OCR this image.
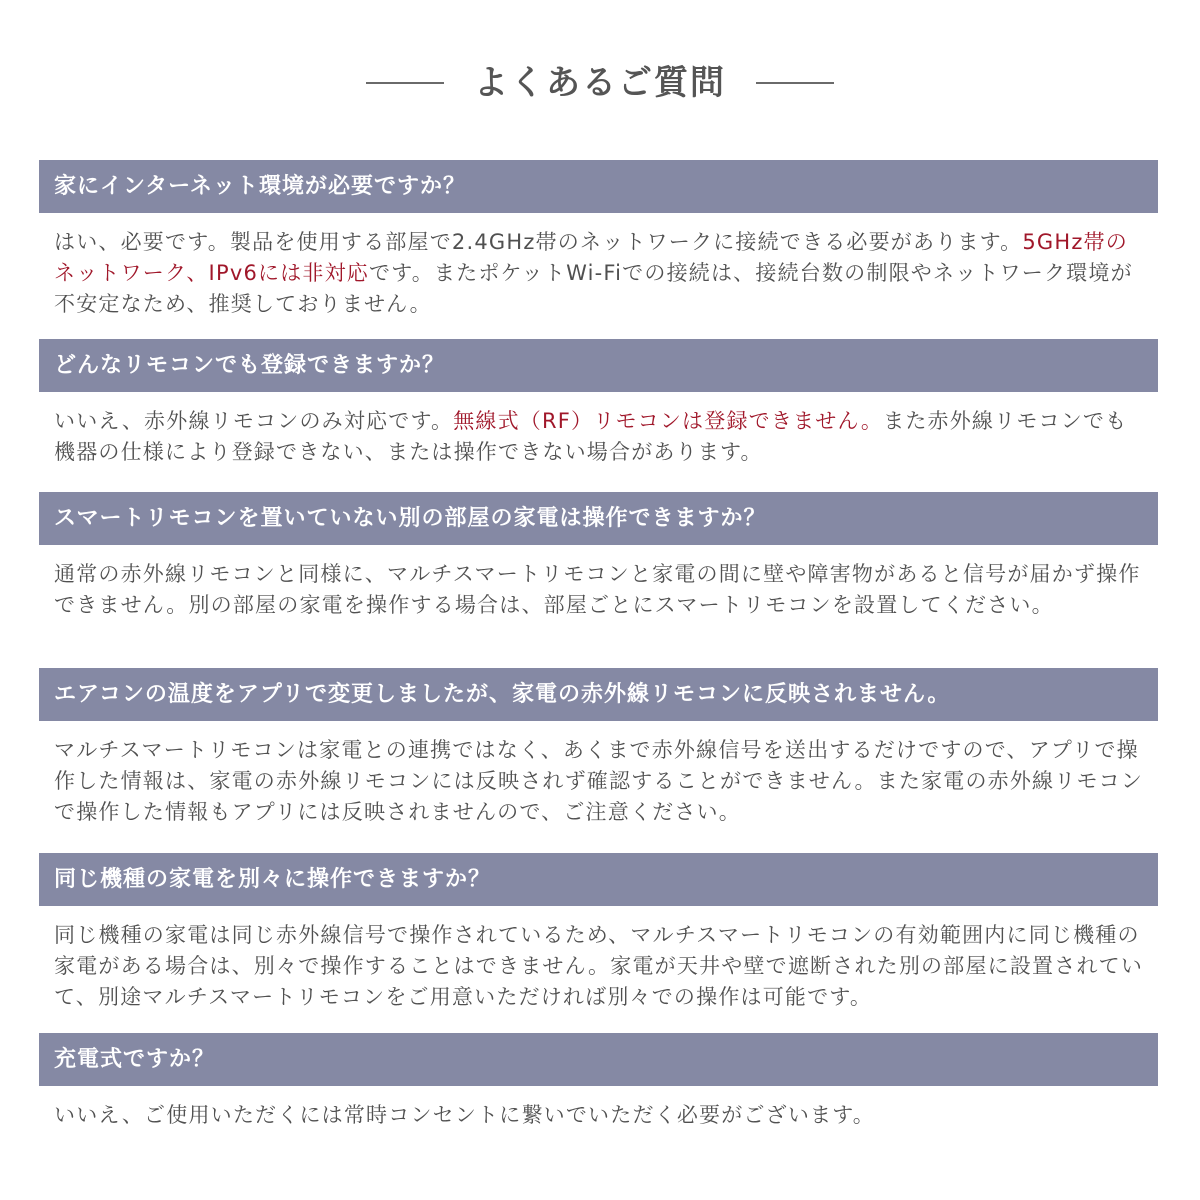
よくあるご質問
家にインターネット環境が必要ですか？
はい、必要です。製品を使用する部屋で2.4GHz帯のネットワークに接続できる必要があります。5GHz帯のネットワーク、IPv6には非対応です。またポケットWi-Fiでの接続は、接続台数の制限やネットワーク環境が不安定なため、推奨しておりません。
どんなリモコンでも登録できますか？
いいえ、赤外線リモコンのみ対応です。無線式（RF）リモコンは登録できません。また赤外線リモコンでも機器の仕様により登録できない、または操作できない場合があります。
スマートリモコンを置いていない別の部屋の家電は操作できますか？
通常の赤外線リモコンと同様に、マルチスマートリモコンと家電の間に壁や障害物があると信号が届かず操作できません。別の部屋の家電を操作する場合は、部屋ごとにスマートリモコンを設置してください。
エアコンの温度をアプリで変更しましたが、家電の赤外線リモコンに反映されません。
マルチスマートリモコンは家電との連携ではなく、あくまで赤外線信号を送出するだけですので、アプリで操作した情報は、家電の赤外線リモコンには反映されず確認することができません。また家電の赤外線リモコンで操作した情報もアプリには反映されませんので、ご注意ください。
同じ機種の家電を別々に操作できますか？
同じ機種の家電は同じ赤外線信号で操作されているため、マルチスマートリモコンの有効範囲内に同じ機種の家電がある場合は、別々で操作することはできません。家電が天井や壁で遮断された別の部屋に設置されていて、別途マルチスマートリモコンをご用意いただければ別々での操作は可能です。
充電式ですか？
いいえ、ご使用いただくには常時コンセントに繋いでいただく必要がございます。
